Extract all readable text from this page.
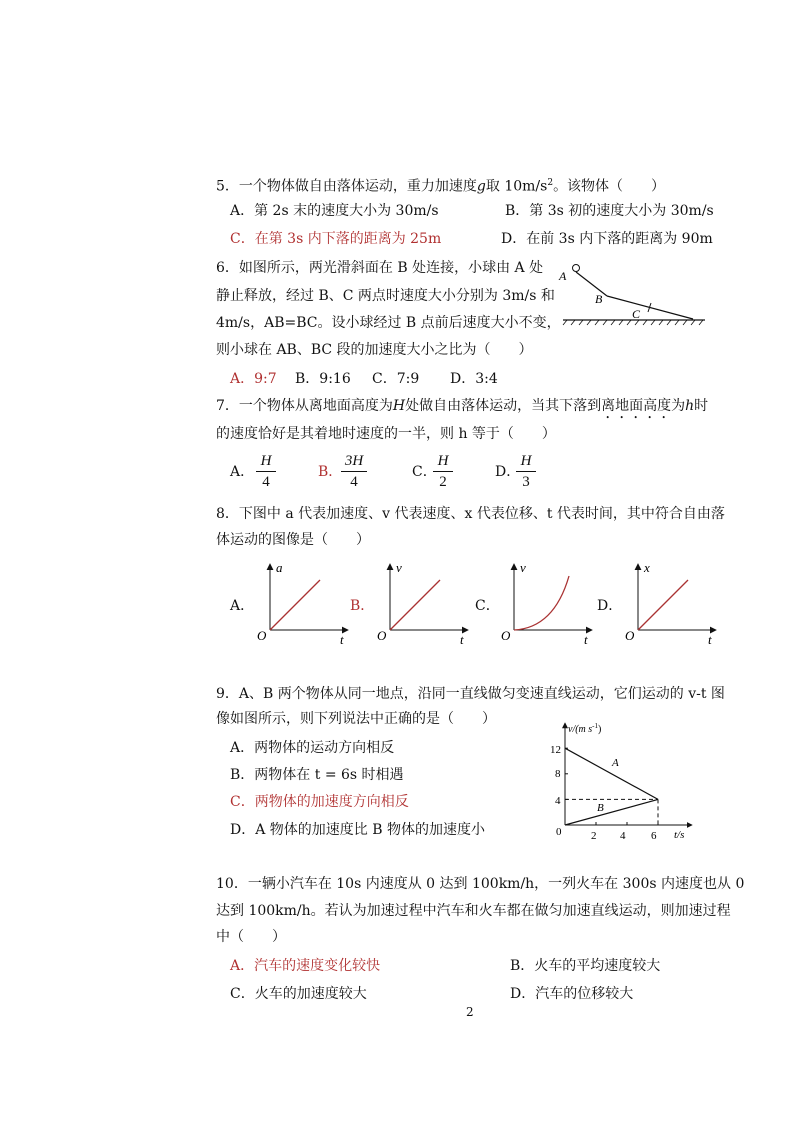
5．一个物体做自由落体运动，重力加速度g取 $10m/s^2$。该物体（　　）
A．第 2s 末的速度大小为 30m/s	B．第 3s 初的速度大小为 30m/s
C．在第 3s 内下落的距离为 25m	D．在前 3s 内下落的距离为 90m
6．如图所示，两光滑斜面在 B 处连接，小球由 A 处
静止释放，经过 B、C 两点时速度大小分别为 3m/s 和
4m/s，AB=BC。设小球经过 B 点前后速度大小不变，
则小球在 AB、BC 段的加速度大小之比为（　　）
A．9:7 B．9:16 C．7:9 D．3:4
A
B
C
7．一个物体从离地面高度为H处做自由落体运动，当其下落到离地面高度为h时
的速度恰好是其着地时速度的一半，则 h 等于（　　）
A．
H
4
B．
3H
4
C．
H
2
D．
H
3
8．下图中 a 代表加速度、v 代表速度、x 代表位移、t 代表时间，其中符合自由落
体运动的图像是（　　）
A．
a
t
O
B．
v
t
O
C．
v
t
O
D．
x
t
O
9．A、B 两个物体从同一地点，沿同一直线做匀变速直线运动，它们运动的 v-t 图
像如图所示，则下列说法中正确的是（　　）
A．两物体的运动方向相反
B．两物体在 t = 6s 时相遇
C．两物体的加速度方向相反
D．A 物体的加速度比 B 物体的加速度小
v/(m $s^{-1}$)
t/s
0
12
8
4
2 4 6
A
B
10．一辆小汽车在 10s 内速度从 0 达到 100km/h，一列火车在 300s 内速度也从 0
达到 100km/h。若认为加速过程中汽车和火车都在做匀加速直线运动，则加速过程
中（　　）
A．汽车的速度变化较快	B．火车的平均速度较大
C．火车的加速度较大	D．汽车的位移较大
2
